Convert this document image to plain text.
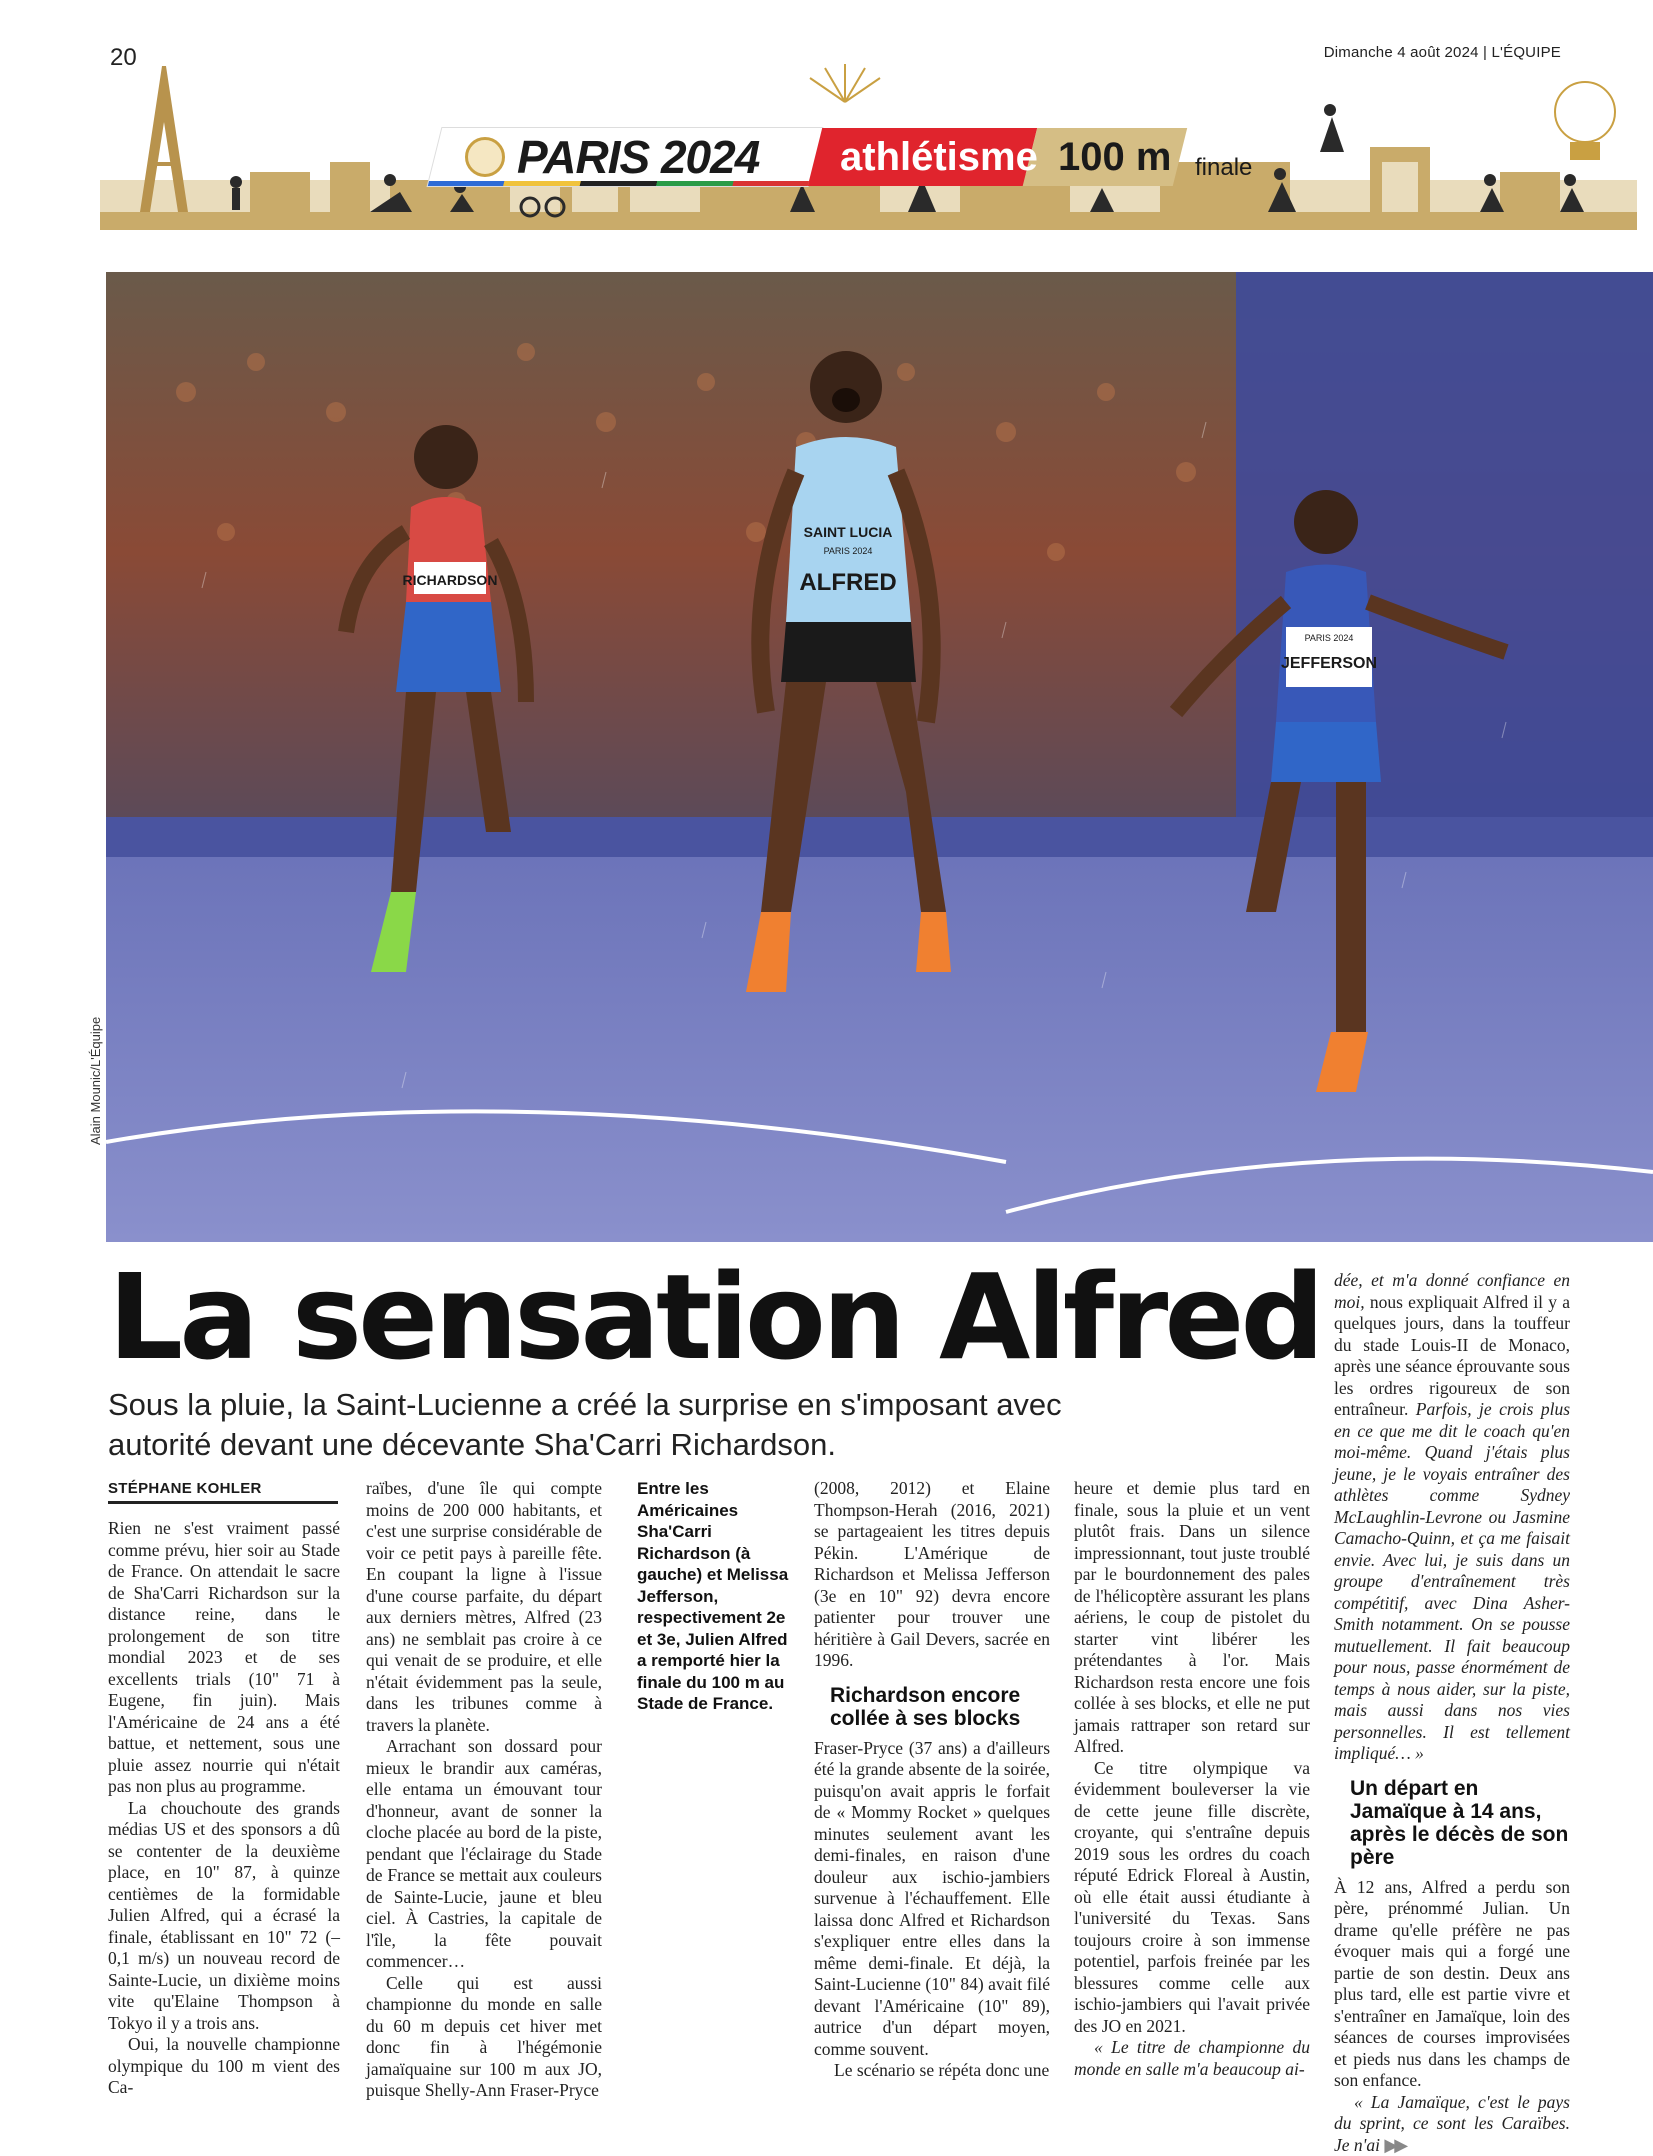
20	Dimanche 4 août 2024 | L'ÉQUIPE
PARIS 2024 athlétisme 100 m finale
RICHARDSON
SAINT LUCIA
PARIS 2024
ALFRED
PARIS 2024
JEFFERSON
Alain Mounic/L'Équipe
La sensation Alfred

Sous la pluie, la Saint-Lucienne a créé la surprise en s'imposant avec autorité devant une décevante Sha'Carri Richardson.

STÉPHANE KOHLER

Rien ne s'est vraiment passé comme prévu, hier soir au Stade de France. On attendait le sacre de Sha'Carri Richardson sur la distance reine, dans le prolongement de son titre mondial 2023 et de ses excellents trials (10" 71 à Eugene, fin juin). Mais l'Américaine de 24 ans a été battue, et nettement, sous une pluie assez nourrie qui n'était pas non plus au programme.

La chouchoute des grands médias US et des sponsors a dû se contenter de la deuxième place, en 10" 87, à quinze centièmes de la formidable Julien Alfred, qui a écrasé la finale, établissant en 10" 72 (– 0,1 m/s) un nouveau record de Sainte-Lucie, un dixième moins vite qu'Elaine Thompson à Tokyo il y a trois ans.

Oui, la nouvelle championne olympique du 100 m vient des Ca-

raïbes, d'une île qui compte moins de 200 000 habitants, et c'est une surprise considérable de voir ce petit pays à pareille fête. En coupant la ligne à l'issue d'une course parfaite, du départ aux derniers mètres, Alfred (23 ans) ne semblait pas croire à ce qui venait de se produire, et elle n'était évidemment pas la seule, dans les tribunes comme à travers la planète.

Arrachant son dossard pour mieux le brandir aux caméras, elle entama un émouvant tour d'honneur, avant de sonner la cloche placée au bord de la piste, pendant que l'éclairage du Stade de France se mettait aux couleurs de Sainte-Lucie, jaune et bleu ciel. À Castries, la capitale de l'île, la fête pouvait commencer…

Celle qui est aussi championne du monde en salle du 60 m depuis cet hiver met donc fin à l'hégémonie jamaïquaine sur 100 m aux JO, puisque Shelly-Ann Fraser-Pryce

Entre les Américaines Sha'Carri Richardson (à gauche) et Melissa Jefferson, respectivement 2e et 3e, Julien Alfred a remporté hier la finale du 100 m au Stade de France.

(2008, 2012) et Elaine Thompson-Herah (2016, 2021) se partageaient les titres depuis Pékin. L'Amérique de Richardson et Melissa Jefferson (3e en 10" 92) devra encore patienter pour trouver une héritière à Gail Devers, sacrée en 1996.

Richardson encore collée à ses blocks

Fraser-Pryce (37 ans) a d'ailleurs été la grande absente de la soirée, puisqu'on avait appris le forfait de « Mommy Rocket » quelques minutes seulement avant les demi-finales, en raison d'une douleur aux ischio-jambiers survenue à l'échauffement. Elle laissa donc Alfred et Richardson s'expliquer entre elles dans la même demi-finale. Et déjà, la Saint-Lucienne (10" 84) avait filé devant l'Américaine (10" 89), autrice d'un départ moyen, comme souvent.

Le scénario se répéta donc une

heure et demie plus tard en finale, sous la pluie et un vent plutôt frais. Dans un silence impressionnant, tout juste troublé par le bourdonnement des pales de l'hélicoptère assurant les plans aériens, le coup de pistolet du starter vint libérer les prétendantes à l'or. Mais Richardson resta encore une fois collée à ses blocks, et elle ne put jamais rattraper son retard sur Alfred.

Ce titre olympique va évidemment bouleverser la vie de cette jeune fille discrète, croyante, qui s'entraîne depuis 2019 sous les ordres du coach réputé Edrick Floreal à Austin, où elle était aussi étudiante à l'université du Texas. Sans toujours croire à son immense potentiel, parfois freinée par les blessures comme celle aux ischio-jambiers qui l'avait privée des JO en 2021.

« Le titre de championne du monde en salle m'a beaucoup ai-

dée, et m'a donné confiance en moi, nous expliquait Alfred il y a quelques jours, dans la touffeur du stade Louis-II de Monaco, après une séance éprouvante sous les ordres rigoureux de son entraîneur. Parfois, je crois plus en ce que me dit le coach qu'en moi-même. Quand j'étais plus jeune, je le voyais entraîner des athlètes comme Sydney McLaughlin-Levrone ou Jasmine Camacho-Quinn, et ça me faisait envie. Avec lui, je suis dans un groupe d'entraînement très compétitif, avec Dina Asher-Smith notamment. On se pousse mutuellement. Il fait beaucoup pour nous, passe énormément de temps à nous aider, sur la piste, mais aussi dans nos vies personnelles. Il est tellement impliqué… »

Un départ en Jamaïque à 14 ans, après le décès de son père

À 12 ans, Alfred a perdu son père, prénommé Julian. Un drame qu'elle préfère ne pas évoquer mais qui a forgé une partie de son destin. Deux ans plus tard, elle est partie vivre et s'entraîner en Jamaïque, loin des séances de courses improvisées et pieds nus dans les champs de son enfance.

« La Jamaïque, c'est le pays du sprint, ce sont les Caraïbes. Je n'ai ▶▶
